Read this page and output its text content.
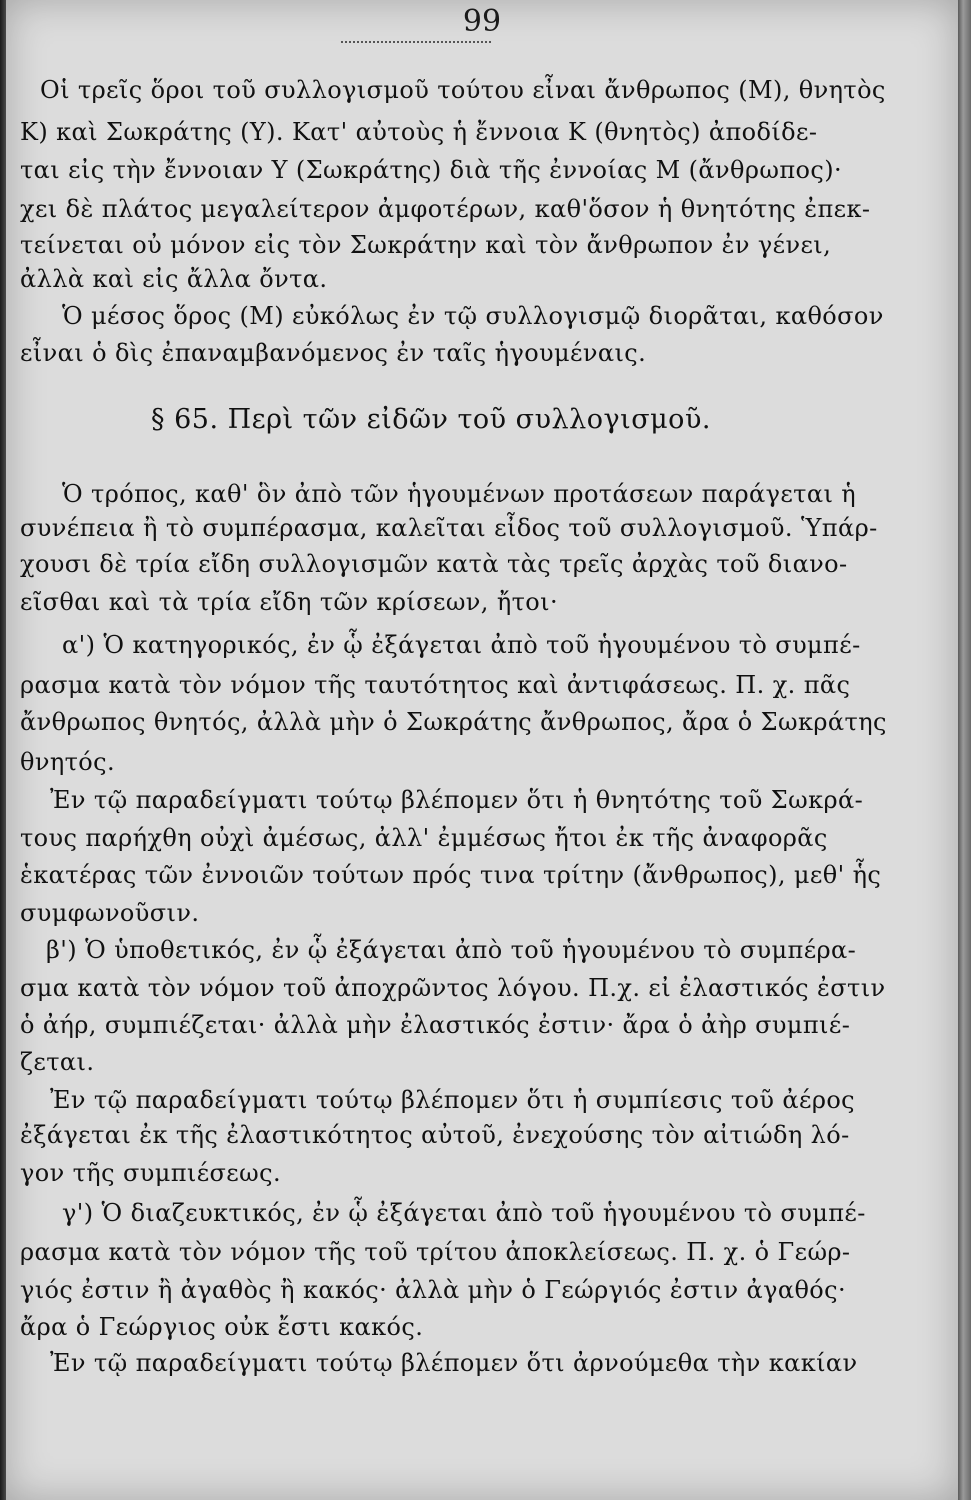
99
Οἱ τρεῖς ὅροι τοῦ συλλογισμοῦ τούτου εἶναι ἄνθρωπος (Μ), θνητὸς
Κ) καὶ Σωκράτης (Υ). Κατ' αὐτοὺς ἡ ἔννοια Κ (θνητὸς) ἀποδίδε-
ται εἰς τὴν ἔννοιαν Υ (Σωκράτης) διὰ τῆς ἐννοίας Μ (ἄνθρωπος)·
χει δὲ πλάτος μεγαλείτερον ἀμφοτέρων, καθ'ὅσον ἡ θνητότης ἐπεκ-
τείνεται οὐ μόνον εἰς τὸν Σωκράτην καὶ τὸν ἄνθρωπον ἐν γένει,
ἀλλὰ καὶ εἰς ἄλλα ὄντα.
Ὁ μέσος ὅρος (Μ) εὐκόλως ἐν τῷ συλλογισμῷ διορᾶται, καθόσον
εἶναι ὁ δὶς ἐπαναμβανόμενος ἐν ταῖς ἡγουμέναις.
§ 65. Περὶ τῶν εἰδῶν τοῦ συλλογισμοῦ.
Ὁ τρόπος, καθ' ὃν ἀπὸ τῶν ἡγουμένων προτάσεων παράγεται ἡ
συνέπεια ἢ τὸ συμπέρασμα, καλεῖται εἶδος τοῦ συλλογισμοῦ. Ὑπάρ-
χουσι δὲ τρία εἴδη συλλογισμῶν κατὰ τὰς τρεῖς ἀρχὰς τοῦ διανο-
εῖσθαι καὶ τὰ τρία εἴδη τῶν κρίσεων, ἤτοι·
α') Ὁ κατηγορικός, ἐν ᾧ ἐξάγεται ἀπὸ τοῦ ἡγουμένου τὸ συμπέ-
ρασμα κατὰ τὸν νόμον τῆς ταυτότητος καὶ ἀντιφάσεως. Π. χ. πᾶς
ἄνθρωπος θνητός, ἀλλὰ μὴν ὁ Σωκράτης ἄνθρωπος, ἄρα ὁ Σωκράτης
θνητός.
Ἐν τῷ παραδείγματι τούτῳ βλέπομεν ὅτι ἡ θνητότης τοῦ Σωκρά-
τους παρήχθη οὐχὶ ἀμέσως, ἀλλ' ἐμμέσως ἤτοι ἐκ τῆς ἀναφορᾶς
ἑκατέρας τῶν ἐννοιῶν τούτων πρός τινα τρίτην (ἄνθρωπος), μεθ' ἧς
συμφωνοῦσιν.
β') Ὁ ὑποθετικός, ἐν ᾧ ἐξάγεται ἀπὸ τοῦ ἡγουμένου τὸ συμπέρα-
σμα κατὰ τὸν νόμον τοῦ ἀποχρῶντος λόγου. Π.χ. εἰ ἐλαστικός ἐστιν
ὁ ἀήρ, συμπιέζεται· ἀλλὰ μὴν ἐλαστικός ἐστιν· ἄρα ὁ ἀὴρ συμπιέ-
ζεται.
Ἐν τῷ παραδείγματι τούτῳ βλέπομεν ὅτι ἡ συμπίεσις τοῦ ἀέρος
ἐξάγεται ἐκ τῆς ἐλαστικότητος αὐτοῦ, ἐνεχούσης τὸν αἰτιώδη λό-
γον τῆς συμπιέσεως.
γ') Ὁ διαζευκτικός, ἐν ᾧ ἐξάγεται ἀπὸ τοῦ ἡγουμένου τὸ συμπέ-
ρασμα κατὰ τὸν νόμον τῆς τοῦ τρίτου ἀποκλείσεως. Π. χ. ὁ Γεώρ-
γιός ἐστιν ἢ ἀγαθὸς ἢ κακός· ἀλλὰ μὴν ὁ Γεώργιός ἐστιν ἀγαθός·
ἄρα ὁ Γεώργιος οὐκ ἔστι κακός.
Ἐν τῷ παραδείγματι τούτῳ βλέπομεν ὅτι ἀρνούμεθα τὴν κακίαν
